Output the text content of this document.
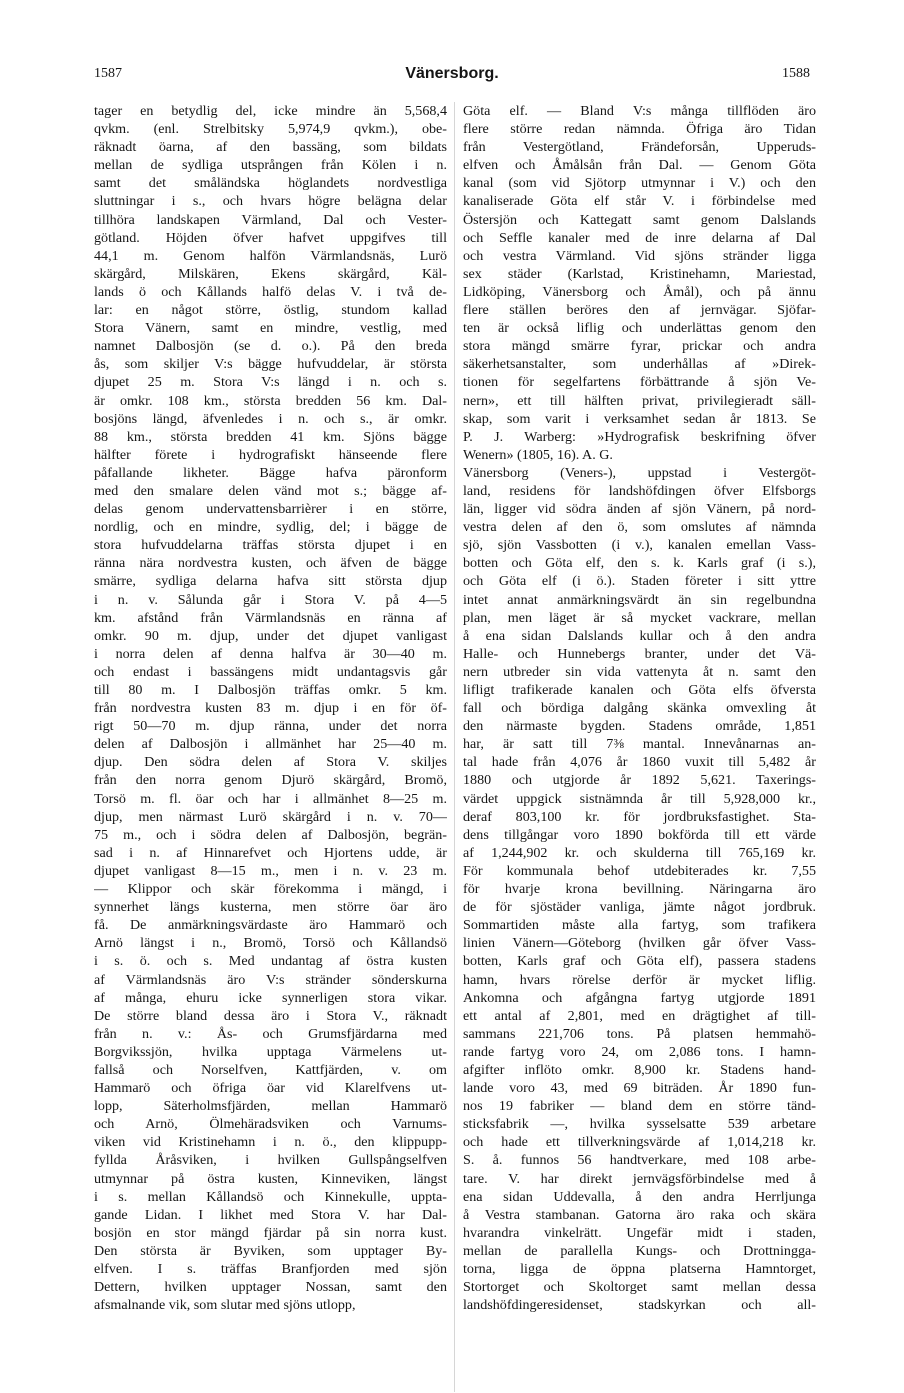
1587	Vänersborg.	1588
tager en betydlig del, icke mindre än 5,568,4
qvkm. (enl. Strelbitsky 5,974,9 qvkm.), obe-
räknadt öarna, af den bassäng, som bildats
mellan de sydliga utsprången från Kölen i n.
samt det småländska höglandets nordvestliga
sluttningar i s., och hvars högre belägna delar
tillhöra landskapen Värmland, Dal och Vester-
götland. Höjden öfver hafvet uppgifves till
44,1 m. Genom halfön Värmlandsnäs, Lurö
skärgård, Milskären, Ekens skärgård, Käl-
lands ö och Kållands halfö delas V. i två de-
lar: en något större, östlig, stundom kallad
Stora Vänern, samt en mindre, vestlig, med
namnet Dalbosjön (se d. o.). På den breda
ås, som skiljer V:s bägge hufvuddelar, är största
djupet 25 m. Stora V:s längd i n. och s.
är omkr. 108 km., största bredden 56 km. Dal-
bosjöns längd, äfvenledes i n. och s., är omkr.
88 km., största bredden 41 km. Sjöns bägge
hälfter förete i hydrografiskt hänseende flere
påfallande likheter. Bägge hafva päronform
med den smalare delen vänd mot s.; bägge af-
delas genom undervattensbarrièrer i en större,
nordlig, och en mindre, sydlig, del; i bägge de
stora hufvuddelarna träffas största djupet i en
ränna nära nordvestra kusten, och äfven de bägge
smärre, sydliga delarna hafva sitt största djup
i n. v. Sålunda går i Stora V. på 4—5
km. afstånd från Värmlandsnäs en ränna af
omkr. 90 m. djup, under det djupet vanligast
i norra delen af denna halfva är 30—40 m.
och endast i bassängens midt undantagsvis går
till 80 m. I Dalbosjön träffas omkr. 5 km.
från nordvestra kusten 83 m. djup i en för öf-
rigt 50—70 m. djup ränna, under det norra
delen af Dalbosjön i allmänhet har 25—40 m.
djup. Den södra delen af Stora V. skiljes
från den norra genom Djurö skärgård, Bromö,
Torsö m. fl. öar och har i allmänhet 8—25 m.
djup, men närmast Lurö skärgård i n. v. 70—
75 m., och i södra delen af Dalbosjön, begrän-
sad i n. af Hinnarefvet och Hjortens udde, är
djupet vanligast 8—15 m., men i n. v. 23 m.
— Klippor och skär förekomma i mängd, i
synnerhet längs kusterna, men större öar äro
få. De anmärkningsvärdaste äro Hammarö och
Arnö längst i n., Bromö, Torsö och Kållandsö
i s. ö. och s. Med undantag af östra kusten
af Värmlandsnäs äro V:s stränder sönderskurna
af många, ehuru icke synnerligen stora vikar.
De större bland dessa äro i Stora V., räknadt
från n. v.: Ås- och Grumsfjärdarna med
Borgvikssjön, hvilka upptaga Värmelens ut-
fallså och Norselfven, Kattfjärden, v. om
Hammarö och öfriga öar vid Klarelfvens ut-
lopp, Säterholmsfjärden, mellan Hammarö
och Arnö, Ölmehäradsviken och Varnums-
viken vid Kristinehamn i n. ö., den klippupp-
fyllda Åråsviken, i hvilken Gullspångselfven
utmynnar på östra kusten, Kinneviken, längst
i s. mellan Kållandsö och Kinnekulle, uppta-
gande Lidan. I likhet med Stora V. har Dal-
bosjön en stor mängd fjärdar på sin norra kust.
Den största är Byviken, som upptager By-
elfven. I s. träffas Branfjorden med sjön
Dettern, hvilken upptager Nossan, samt den
afsmalnande vik, som slutar med sjöns utlopp,
Göta elf. — Bland V:s många tillflöden äro
flere större redan nämnda. Öfriga äro Tidan
från Vestergötland, Frändeforsån, Upperuds-
elfven och Åmålsån från Dal. — Genom Göta
kanal (som vid Sjötorp utmynnar i V.) och den
kanaliserade Göta elf står V. i förbindelse med
Östersjön och Kattegatt samt genom Dalslands
och Seffle kanaler med de inre delarna af Dal
och vestra Värmland. Vid sjöns stränder ligga
sex städer (Karlstad, Kristinehamn, Mariestad,
Lidköping, Vänersborg och Åmål), och på ännu
flere ställen beröres den af jernvägar. Sjöfar-
ten är också liflig och underlättas genom den
stora mängd smärre fyrar, prickar och andra
säkerhetsanstalter, som underhållas af »Direk-
tionen för segelfartens förbättrande å sjön Ve-
nern», ett till hälften privat, privilegieradt säll-
skap, som varit i verksamhet sedan år 1813. Se
P. J. Warberg: »Hydrografisk beskrifning öfver
Wenern» (1805, 16). A. G.
Vänersborg (Veners-), uppstad i Vestergöt-
land, residens för landshöfdingen öfver Elfsborgs
län, ligger vid södra änden af sjön Vänern, på nord-
vestra delen af den ö, som omslutes af nämnda
sjö, sjön Vassbotten (i v.), kanalen emellan Vass-
botten och Göta elf, den s. k. Karls graf (i s.),
och Göta elf (i ö.). Staden företer i sitt yttre
intet annat anmärkningsvärdt än sin regelbundna
plan, men läget är så mycket vackrare, mellan
å ena sidan Dalslands kullar och å den andra
Halle- och Hunnebergs branter, under det Vä-
nern utbreder sin vida vattenyta åt n. samt den
lifligt trafikerade kanalen och Göta elfs öfversta
fall och bördiga dalgång skänka omvexling åt
den närmaste bygden. Stadens område, 1,851
har, är satt till 7⅜ mantal. Innevånarnas an-
tal hade från 4,076 år 1860 vuxit till 5,482 år
1880 och utgjorde år 1892 5,621. Taxerings-
värdet uppgick sistnämnda år till 5,928,000 kr.,
deraf 803,100 kr. för jordbruksfastighet. Sta-
dens tillgångar voro 1890 bokförda till ett värde
af 1,244,902 kr. och skulderna till 765,169 kr.
För kommunala behof utdebiterades kr. 7,55
för hvarje krona bevillning. Näringarna äro
de för sjöstäder vanliga, jämte något jordbruk.
Sommartiden måste alla fartyg, som trafikera
linien Vänern—Göteborg (hvilken går öfver Vass-
botten, Karls graf och Göta elf), passera stadens
hamn, hvars rörelse derför är mycket liflig.
Ankomna och afgångna fartyg utgjorde 1891
ett antal af 2,801, med en drägtighet af till-
sammans 221,706 tons. På platsen hemmahö-
rande fartyg voro 24, om 2,086 tons. I hamn-
afgifter inflöto omkr. 8,900 kr. Stadens hand-
lande voro 43, med 69 biträden. År 1890 fun-
nos 19 fabriker — bland dem en större tänd-
sticksfabrik —, hvilka sysselsatte 539 arbetare
och hade ett tillverkningsvärde af 1,014,218 kr.
S. å. funnos 56 handtverkare, med 108 arbe-
tare. V. har direkt jernvägsförbindelse med å
ena sidan Uddevalla, å den andra Herrljunga
å Vestra stambanan. Gatorna äro raka och skära
hvarandra vinkelrätt. Ungefär midt i staden,
mellan de parallella Kungs- och Drottningga-
torna, ligga de öppna platserna Hamntorget,
Stortorget och Skoltorget samt mellan dessa
landshöfdingeresidenset, stadskyrkan och all-
